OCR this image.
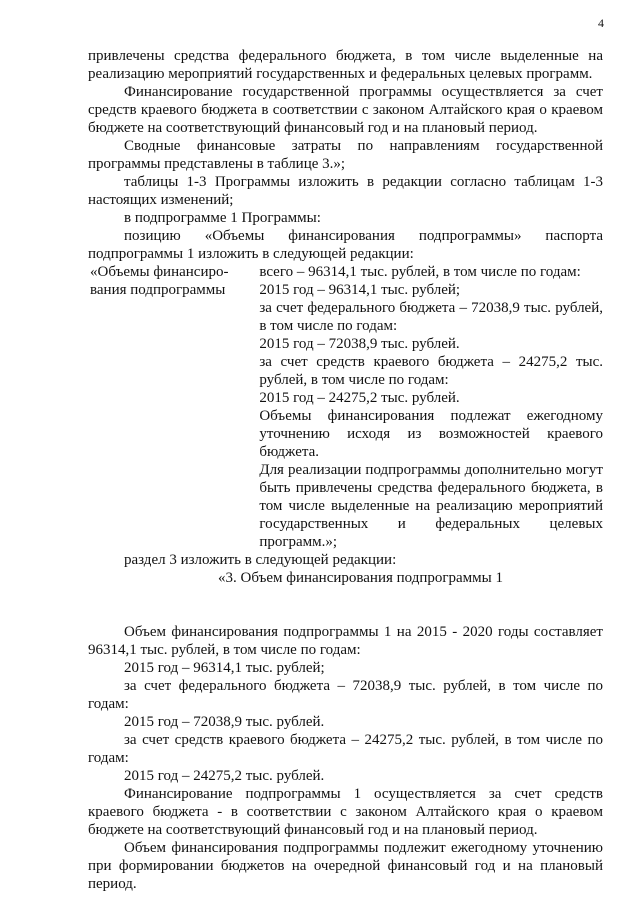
4

привлечены средства федерального бюджета, в том числе выделенные на реализацию мероприятий государственных и федеральных целевых программ.

Финансирование государственной программы осуществляется за счет средств краевого бюджета в соответствии с законом Алтайского края о краевом бюджете на соответствующий финансовый год и на плановый период.

Сводные финансовые затраты по направлениям государственной программы представлены в таблице 3.»;

таблицы 1-3 Программы изложить в редакции согласно таблицам 1-3 настоящих изменений;

в подпрограмме 1 Программы:

позицию «Объемы финансирования подпрограммы» паспорта подпрограммы 1 изложить в следующей редакции:

«Объемы финансиро-
вания подпрограммы

всего – 96314,1 тыс. рублей, в том числе по годам:

2015 год – 96314,1 тыс. рублей;

за счет федерального бюджета – 72038,9 тыс. рублей, в том числе по годам:

2015 год – 72038,9 тыс. рублей.

за счет средств краевого бюджета – 24275,2 тыс. рублей, в том числе по годам:

2015 год – 24275,2 тыс. рублей.

Объемы финансирования подлежат ежегодному уточнению исходя из возможностей краевого бюджета.

Для реализации подпрограммы дополнительно могут быть привлечены средства федерального бюджета, в том числе выделенные на реализацию мероприятий государственных и федеральных целевых программ.»;

раздел 3 изложить в следующей редакции:

«3. Объем финансирования подпрограммы 1

Объем финансирования подпрограммы 1 на 2015 - 2020 годы составляет 96314,1 тыс. рублей, в том числе по годам:

2015 год – 96314,1 тыс. рублей;

за счет федерального бюджета – 72038,9 тыс. рублей, в том числе по годам:

2015 год – 72038,9 тыс. рублей.

за счет средств краевого бюджета – 24275,2 тыс. рублей, в том числе по годам:

2015 год – 24275,2 тыс. рублей.

Финансирование подпрограммы 1 осуществляется за счет средств краевого бюджета - в соответствии с законом Алтайского края о краевом бюджете на соответствующий финансовый год и на плановый период.

Объем финансирования подпрограммы подлежит ежегодному уточнению при формировании бюджетов на очередной финансовый год и на плановый период.
